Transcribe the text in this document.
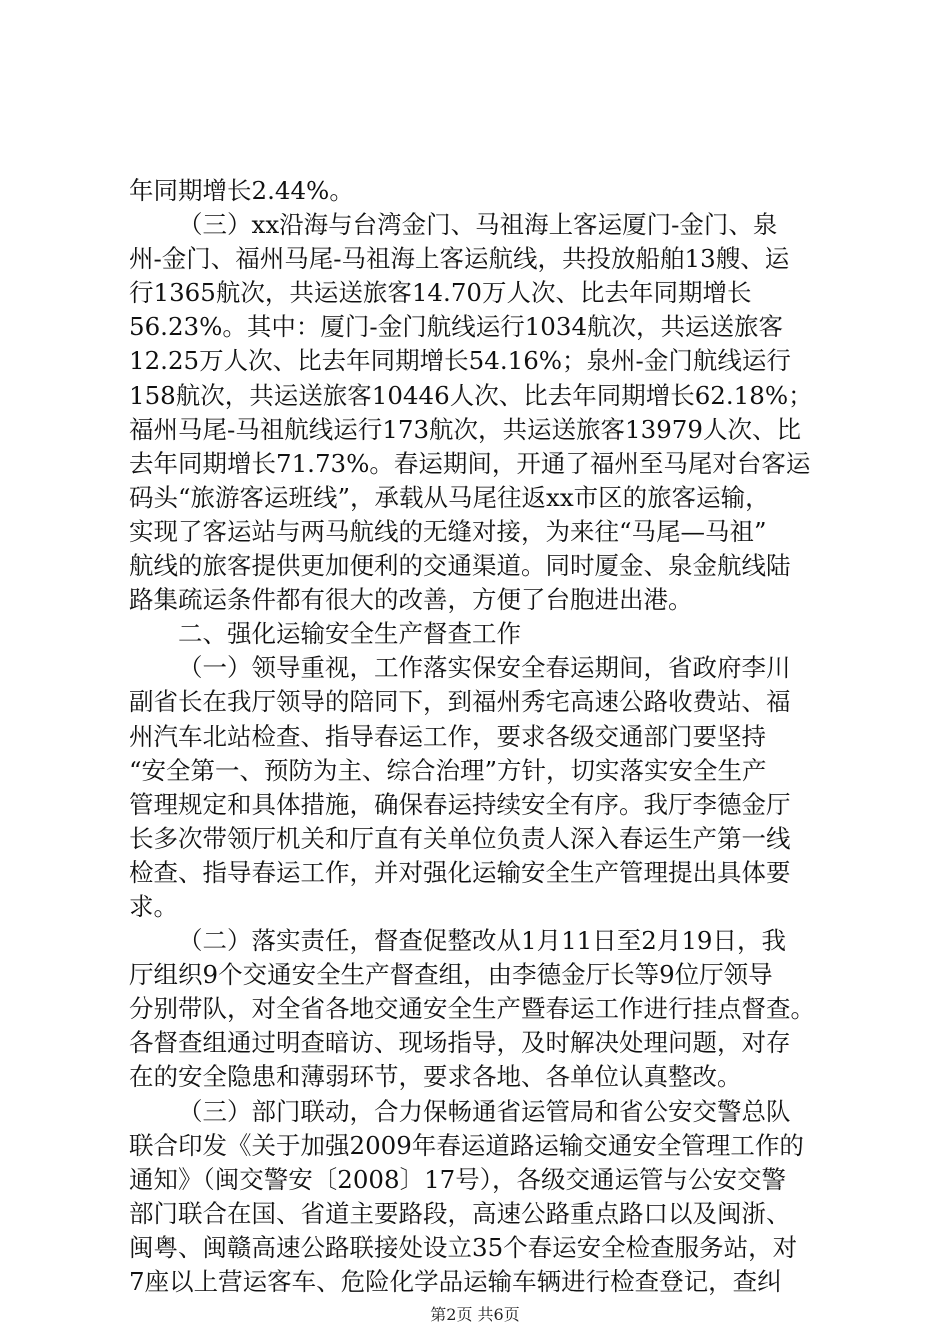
年同期增长2.44%。
（三）xx沿海与台湾金门、马祖海上客运厦门-金门、泉
州-金门、福州马尾-马祖海上客运航线，共投放船舶13艘、运
行1365航次，共运送旅客14.70万人次、比去年同期增长
56.23%。其中：厦门-金门航线运行1034航次，共运送旅客
12.25万人次、比去年同期增长54.16%；泉州-金门航线运行
158航次，共运送旅客10446人次、比去年同期增长62.18%；
福州马尾-马祖航线运行173航次，共运送旅客13979人次、比
去年同期增长71.73%。春运期间，开通了福州至马尾对台客运
码头“旅游客运班线”，承载从马尾往返xx市区的旅客运输，
实现了客运站与两马航线的无缝对接，为来往“马尾—马祖”
航线的旅客提供更加便利的交通渠道。同时厦金、泉金航线陆
路集疏运条件都有很大的改善，方便了台胞进出港。
二、强化运输安全生产督查工作
（一）领导重视，工作落实保安全春运期间，省政府李川
副省长在我厅领导的陪同下，到福州秀宅高速公路收费站、福
州汽车北站检查、指导春运工作，要求各级交通部门要坚持
“安全第一、预防为主、综合治理”方针，切实落实安全生产
管理规定和具体措施，确保春运持续安全有序。我厅李德金厅
长多次带领厅机关和厅直有关单位负责人深入春运生产第一线
检查、指导春运工作，并对强化运输安全生产管理提出具体要
求。
（二）落实责任，督查促整改从1月11日至2月19日，我
厅组织9个交通安全生产督查组，由李德金厅长等9位厅领导
分别带队，对全省各地交通安全生产暨春运工作进行挂点督查。
各督查组通过明查暗访、现场指导，及时解决处理问题，对存
在的安全隐患和薄弱环节，要求各地、各单位认真整改。
（三）部门联动，合力保畅通省运管局和省公安交警总队
联合印发《关于加强2009年春运道路运输交通安全管理工作的
通知》（闽交警安〔2008〕17号），各级交通运管与公安交警
部门联合在国、省道主要路段，高速公路重点路口以及闽浙、
闽粤、闽赣高速公路联接处设立35个春运安全检查服务站，对
7座以上营运客车、危险化学品运输车辆进行检查登记，查纠
第2页 共6页
